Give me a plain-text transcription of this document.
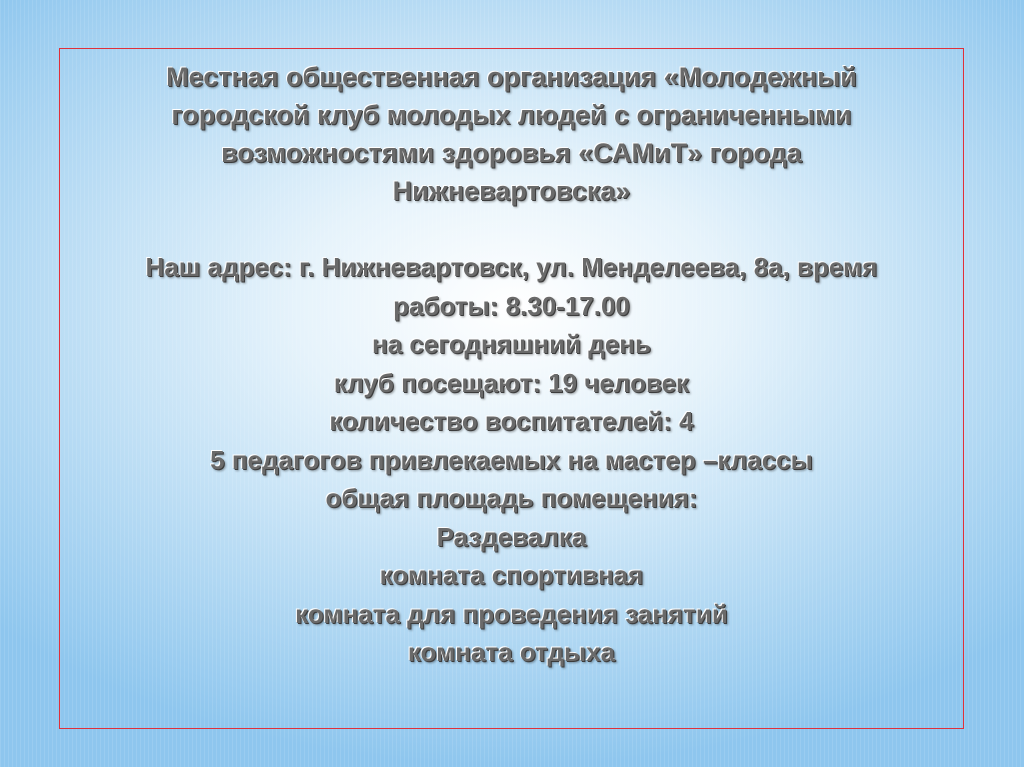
Местная общественная организация «Молодежный

городской клуб молодых людей с ограниченными

возможностями здоровья «САМиТ» города

Нижневартовска»

Наш адрес: г. Нижневартовск, ул. Менделеева, 8а, время

работы: 8.30-17.00

на сегодняшний день

клуб посещают: 19 человек

количество воспитателей: 4

5 педагогов привлекаемых на мастер –классы

общая площадь помещения:

Раздевалка

комната спортивная

комната для проведения занятий

комната отдыха
